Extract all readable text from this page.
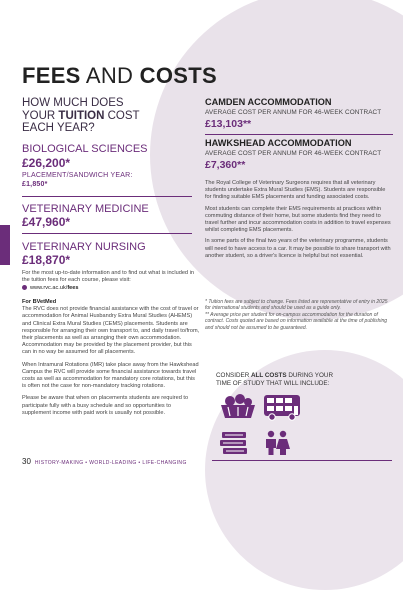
FEES AND COSTS
HOW MUCH DOES
YOUR TUITION COST
EACH YEAR?
BIOLOGICAL SCIENCES
£26,200*
PLACEMENT/SANDWICH YEAR:
£1,850*
VETERINARY MEDICINE
£47,960*
VETERINARY NURSING
£18,870*
For the most up-to-date information and to find out what is included in the tuition fees for each course, please visit:
www.rvc.ac.uk/fees
For BVetMed
The RVC does not provide financial assistance with the cost of travel or accommodation for Animal Husbandry Extra Mural Studies (AHEMS) and Clinical Extra Mural Studies (CEMS) placements. Students are responsible for arranging their own transport to, and daily travel to/from, their placements as well as arranging their own accommodation. Accommodation may be provided by the placement provider, but this can in no way be assumed for all placements.
When Intramural Rotations (IMR) take place away from the Hawkshead Campus the RVC will provide some financial assistance towards travel costs as well as accommodation for mandatory core rotations, but this is often not the case for non-mandatory tracking rotations.
Please be aware that when on placements students are required to participate fully with a busy schedule and so opportunities to supplement income with paid work is usually not possible.
CAMDEN ACCOMMODATION
AVERAGE COST PER ANNUM FOR 46-WEEK CONTRACT
£13,103**
HAWKSHEAD ACCOMMODATION
AVERAGE COST PER ANNUM FOR 46-WEEK CONTRACT
£7,360**
The Royal College of Veterinary Surgeons requires that all veterinary students undertake Extra Mural Studies (EMS). Students are responsible for finding suitable EMS placements and funding associated costs.
Most students can complete their EMS requirements at practices within commuting distance of their home, but some students find they need to travel further and incur accommodation costs in addition to travel expenses whilst completing EMS placements.
In some parts of the final two years of the veterinary programme, students will need to have access to a car. It may be possible to share transport with another student, so a driver's licence is helpful but not essential.
* Tuition fees are subject to change. Fees listed are representative of entry in 2025 for international students and should be used as a guide only.
** Average price per student for on-campus accommodation for the duration of contract. Costs quoted are based on information available at the time of publishing and should not be assumed to be guaranteed.
CONSIDER ALL COSTS DURING YOUR
TIME OF STUDY THAT WILL INCLUDE:
30 HISTORY-MAKING • WORLD-LEADING • LIFE-CHANGING
